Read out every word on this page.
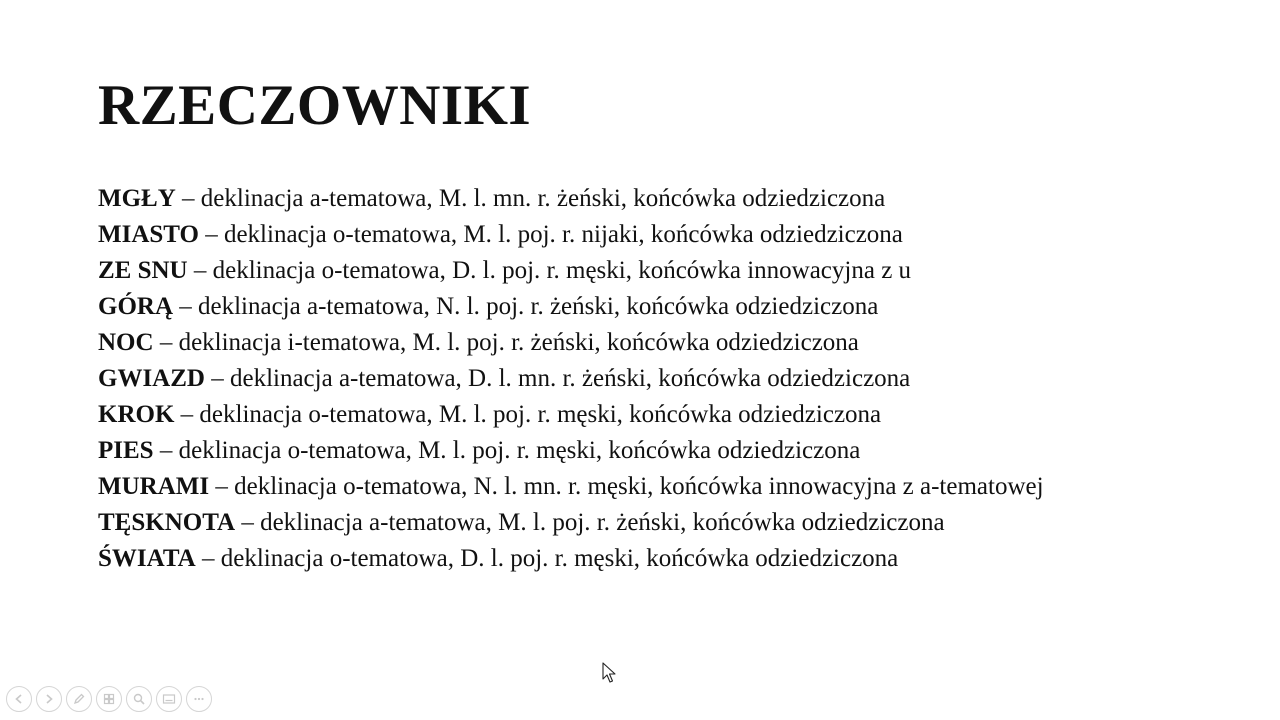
RZECZOWNIKI
MGŁY – deklinacja a-tematowa, M. l. mn. r. żeński, końcówka odziedziczona
MIASTO – deklinacja o-tematowa, M. l. poj. r. nijaki, końcówka odziedziczona
ZE SNU – deklinacja o-tematowa, D. l. poj. r. męski, końcówka innowacyjna z u
GÓRĄ – deklinacja a-tematowa, N. l. poj. r. żeński, końcówka odziedziczona
NOC – deklinacja i-tematowa, M. l. poj. r. żeński, końcówka odziedziczona
GWIAZD – deklinacja a-tematowa, D. l. mn. r. żeński, końcówka odziedziczona
KROK – deklinacja o-tematowa, M. l. poj. r. męski, końcówka odziedziczona
PIES – deklinacja o-tematowa, M. l. poj. r. męski, końcówka odziedziczona
MURAMI – deklinacja o-tematowa, N. l. mn. r. męski, końcówka innowacyjna z a-tematowej
TĘSKNOTA – deklinacja a-tematowa, M. l. poj. r. żeński, końcówka odziedziczona
ŚWIATA – deklinacja o-tematowa, D. l. poj. r. męski, końcówka odziedziczona
